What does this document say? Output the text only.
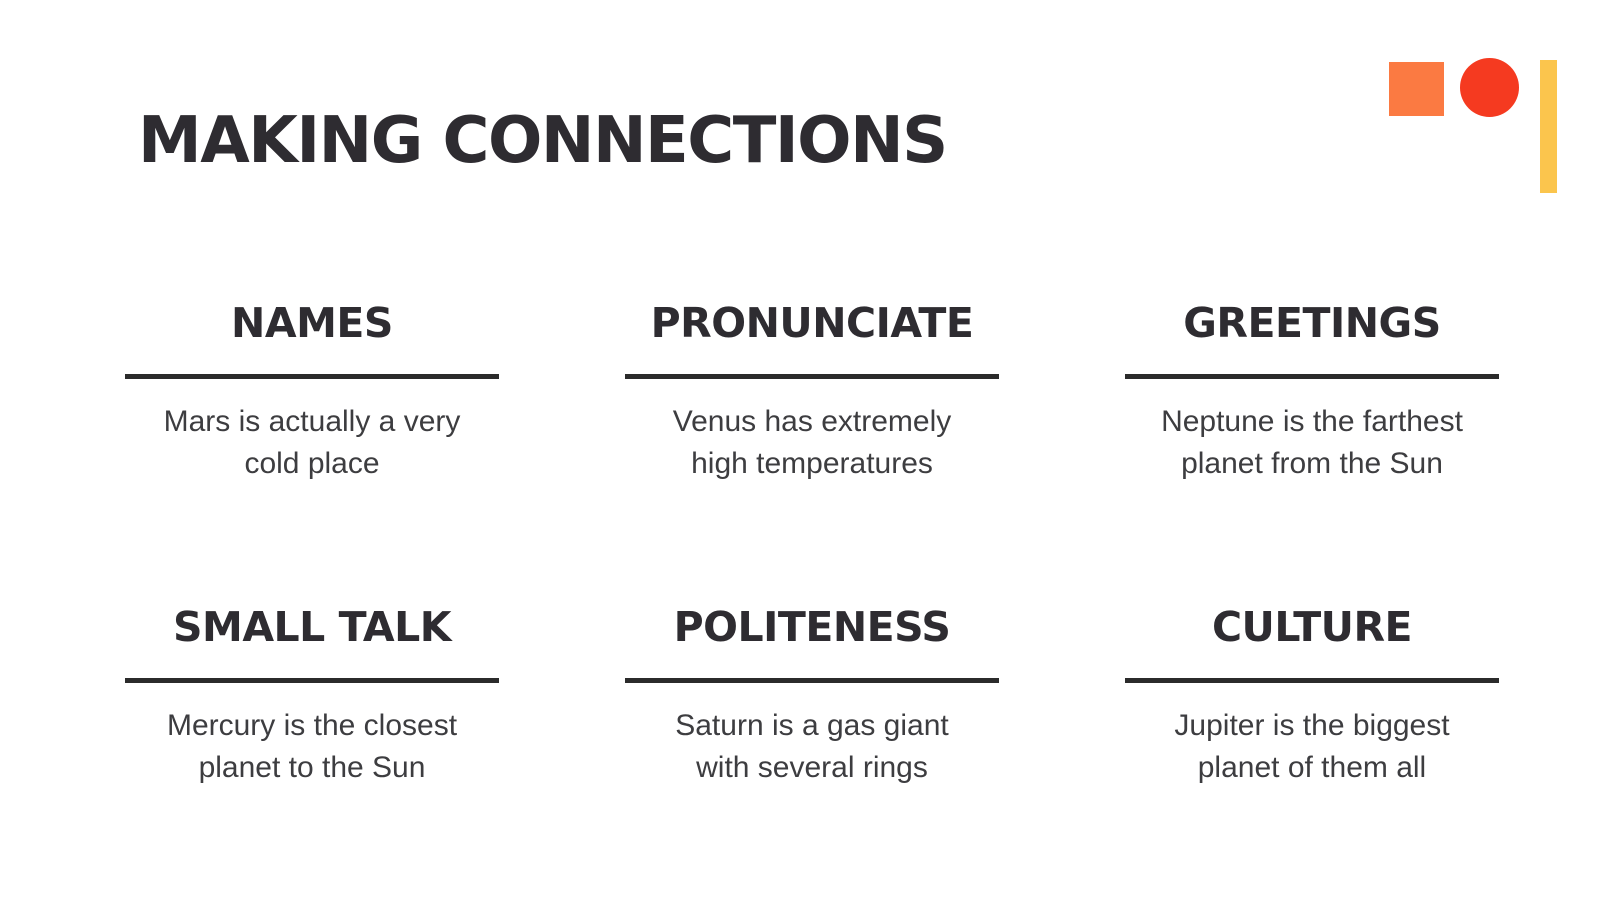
MAKING CONNECTIONS
NAMES
Mars is actually a very
cold place
PRONUNCIATE
Venus has extremely
high temperatures
GREETINGS
Neptune is the farthest
planet from the Sun
SMALL TALK
Mercury is the closest
planet to the Sun
POLITENESS
Saturn is a gas giant
with several rings
CULTURE
Jupiter is the biggest
planet of them all
